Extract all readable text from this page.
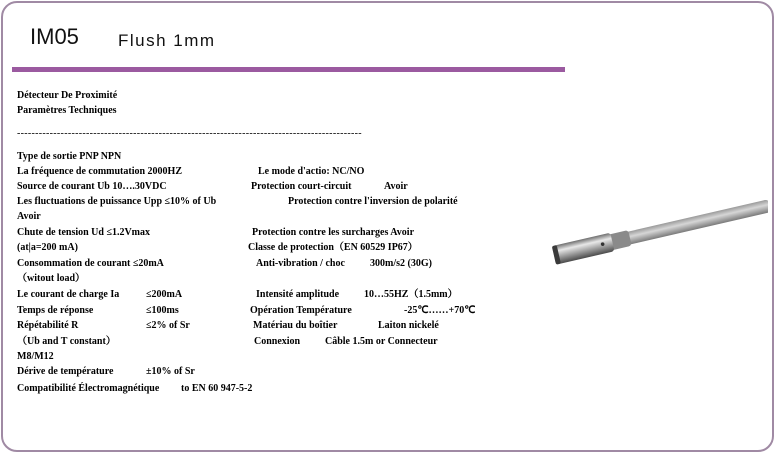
IM05 Flush 1mm
Détecteur De Proximité
Paramètres Techniques
-----------------------------------------------------------------------------------------------
Type de sortie PNP NPN
La fréquence de commutation 2000HZ	Le mode d'actio: NC/NO
Source de courant Ub 10….30VDC	Protection court-circuit	Avoir
Les fluctuations de puissance Upp ≤10% of Ub	Protection contre l'inversion de polarité
Avoir
Chute de tension Ud ≤1.2Vmax	Protection contre les surcharges Avoir
(at|a=200 mA)	Classe de protection（EN 60529 IP67）
Consommation de courant ≤20mA	Anti-vibration / choc	300m/s2 (30G)
（witout load）
Le courant de charge Ia	≤200mA	Intensité amplitude 10…55HZ（1.5mm）
Temps de réponse	≤100ms	Opération Température	-25℃……+70℃
Répétabilité R	≤2% of Sr	Matériau du boîtier	Laiton nickelé
（Ub and T constant）	Connexion Câble 1.5m or Connecteur
M8/M12
Dérive de température	±10% of Sr
Compatibilité Électromagnétique to EN 60 947-5-2
